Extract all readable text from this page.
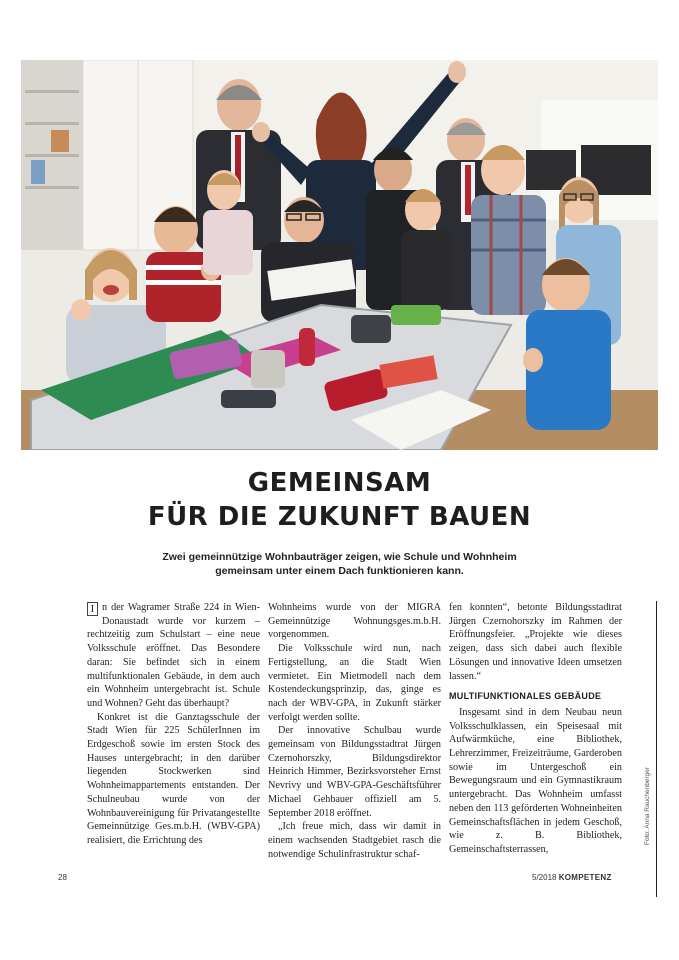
GEMEINSAM
FÜR DIE ZUKUNFT BAUEN
Zwei gemeinnützige Wohnbauträger zeigen, wie Schule und Wohnheim gemeinsam unter einem Dach funktionieren kann.

I n der Wagramer Straße 224 in Wien-Donaustadt wurde vor kurzem – rechtzeitig zum Schulstart – eine neue Volksschule eröffnet. Das Besondere daran: Sie befindet sich in einem multifunktionalen Gebäude, in dem auch ein Wohnheim untergebracht ist. Schule und Wohnen? Geht das überhaupt?

Konkret ist die Ganztagsschule der Stadt Wien für 225 SchülerInnen im Erdgeschoß sowie im ersten Stock des Hauses untergebracht; in den darüber liegenden Stockwerken sind Wohnheimappartements entstanden. Der Schulneubau wurde von der Wohnbauvereinigung für Privatangestellte Gemeinnützige Ges.m.b.H. (WBV-GPA) realisiert, die Errichtung des

Wohnheims wurde von der MIGRA Gemeinnützige Wohnungsges.m.b.H. vorgenommen.

Die Volksschule wird nun, nach Fertigstellung, an die Stadt Wien vermietet. Ein Mietmodell nach dem Kostendeckungsprinzip, das, ginge es nach der WBV-GPA, in Zukunft stärker verfolgt werden sollte.

Der innovative Schulbau wurde gemeinsam von Bildungsstadtrat Jürgen Czernohorszky, Bildungsdirektor Heinrich Himmer, Bezirksvorsteher Ernst Nevrivy und WBV-GPA-Geschäftsführer Michael Gehbauer offiziell am 5. September 2018 eröffnet.

„Ich freue mich, dass wir damit in einem wachsenden Stadtgebiet rasch die notwendige Schulinfrastruktur schaf-

fen konnten“, betonte Bildungsstadtrat Jürgen Czernohorszky im Rahmen der Eröffnungsfeier. „Projekte wie dieses zeigen, dass sich dabei auch flexible Lösungen und innovative Ideen umsetzen lassen.“

MULTIFUNKTIONALES GEBÄUDE

Insgesamt sind in dem Neubau neun Volksschulklassen, ein Speisesaal mit Aufwärmküche, eine Bibliothek, Lehrerzimmer, Freizeiträume, Garderoben sowie im Untergeschoß ein Bewegungsraum und ein Gymnastikraum untergebracht. Das Wohnheim umfasst neben den 113 geförderten Wohneinheiten Gemeinschaftsflächen in jedem Geschoß, wie z. B. Bibliothek, Gemeinschaftsterrassen,

Foto: Anna Rauchenberger
28	5/2018 KOMPETENZ
